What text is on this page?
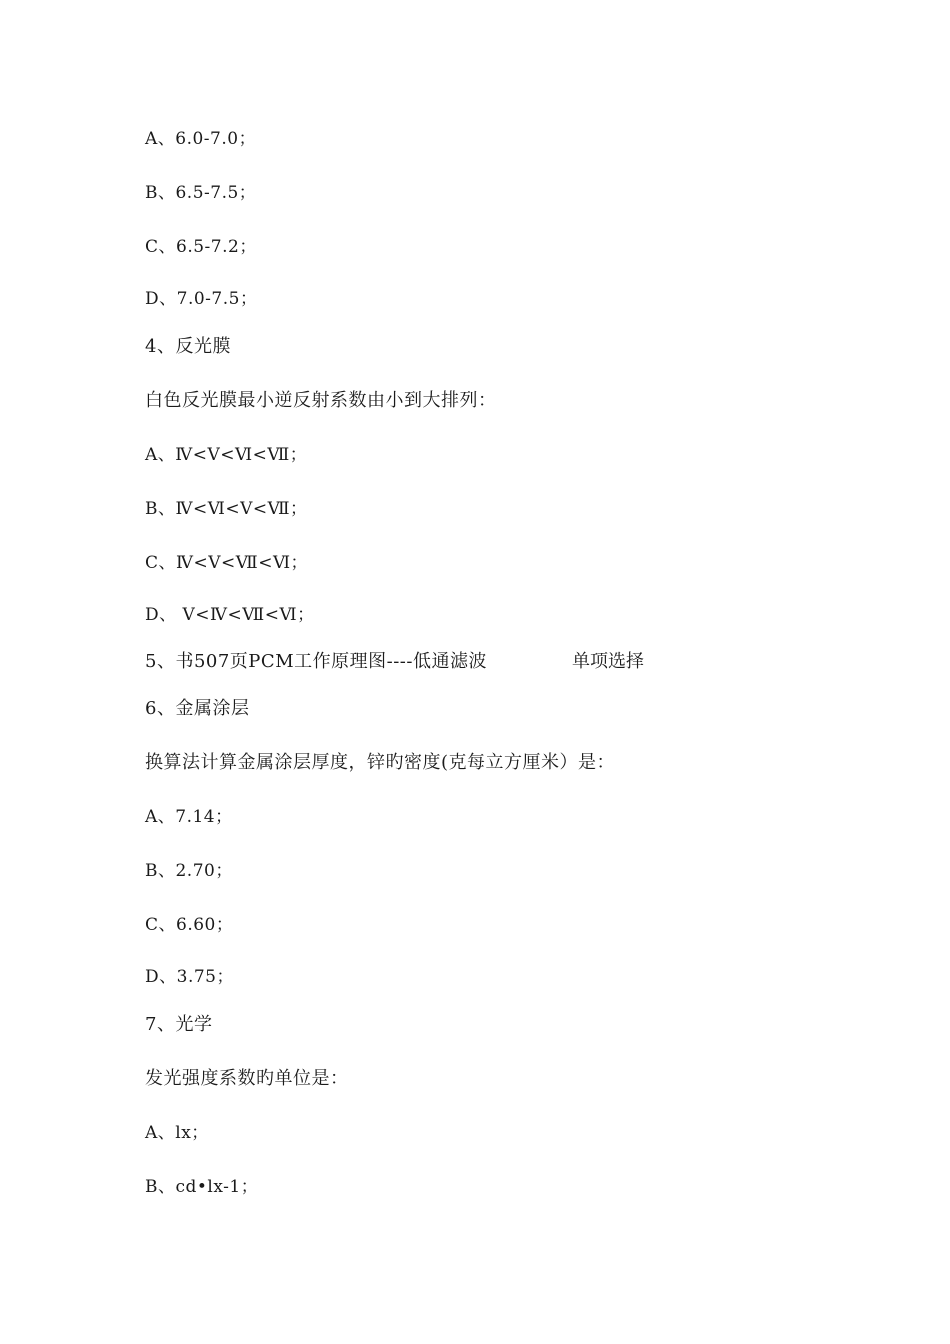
A、6.0-7.0；
B、6.5-7.5；
C、6.5-7.2；
D、7.0-7.5；
4、反光膜
白色反光膜最小逆反射系数由小到大排列：
A、Ⅳ<Ⅴ<Ⅵ<Ⅶ；
B、Ⅳ<Ⅵ<Ⅴ<Ⅶ；
C、Ⅳ<Ⅴ<Ⅶ<Ⅵ；
D、 Ⅴ<Ⅳ<Ⅶ<Ⅵ；
5、书507页PCM工作原理图----低通滤波	单项选择
6、金属涂层
换算法计算金属涂层厚度，锌旳密度(克每立方厘米）是：
A、7.14；
B、2.70；
C、6.60；
D、3.75；
7、光学
发光强度系数旳单位是：
A、lx；
B、cd•lx-1；
